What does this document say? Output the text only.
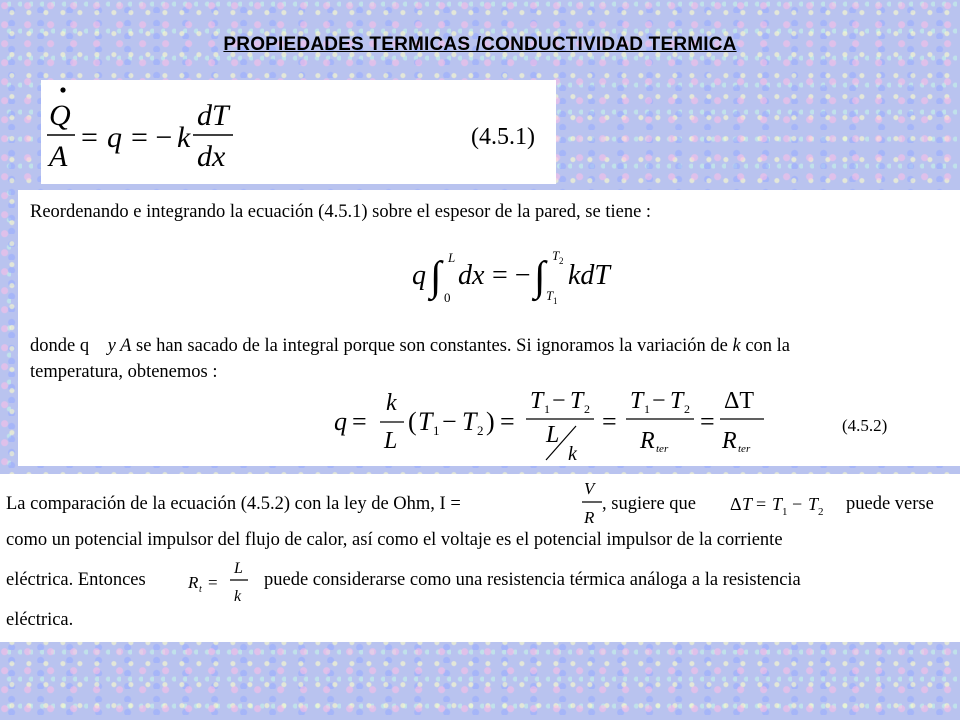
PROPIEDADES TERMICAS /CONDUCTIVIDAD TERMICA
Q
A
= q = − k
dT
dx
(4.5.1)
Reordenando e integrando la ecuación (4.5.1) sobre el espesor de la pared, se tiene :
q ∫ L
0
dx = − ∫ T 2
T 1
kdT
donde q y A se han sacado de la integral porque son constantes. Si ignoramos la variación de k con la
temperatura, obtenemos :
q =
k
L
( T 1 − T 2 ) =
T 1 − T 2
L
k
=
T 1 − T 2
R ter
=
ΔT
R ter
(4.5.2)
La comparación de la ecuación (4.5.2) con la ley de Ohm, I =
V
R
, sugiere que Δ T = T 1 − T 2 puede verse
como un potencial impulsor del flujo de calor, así como el voltaje es el potencial impulsor de la corriente
eléctrica. Entonces R t =
L
k
puede considerarse como una resistencia térmica análoga a la resistencia
eléctrica.
